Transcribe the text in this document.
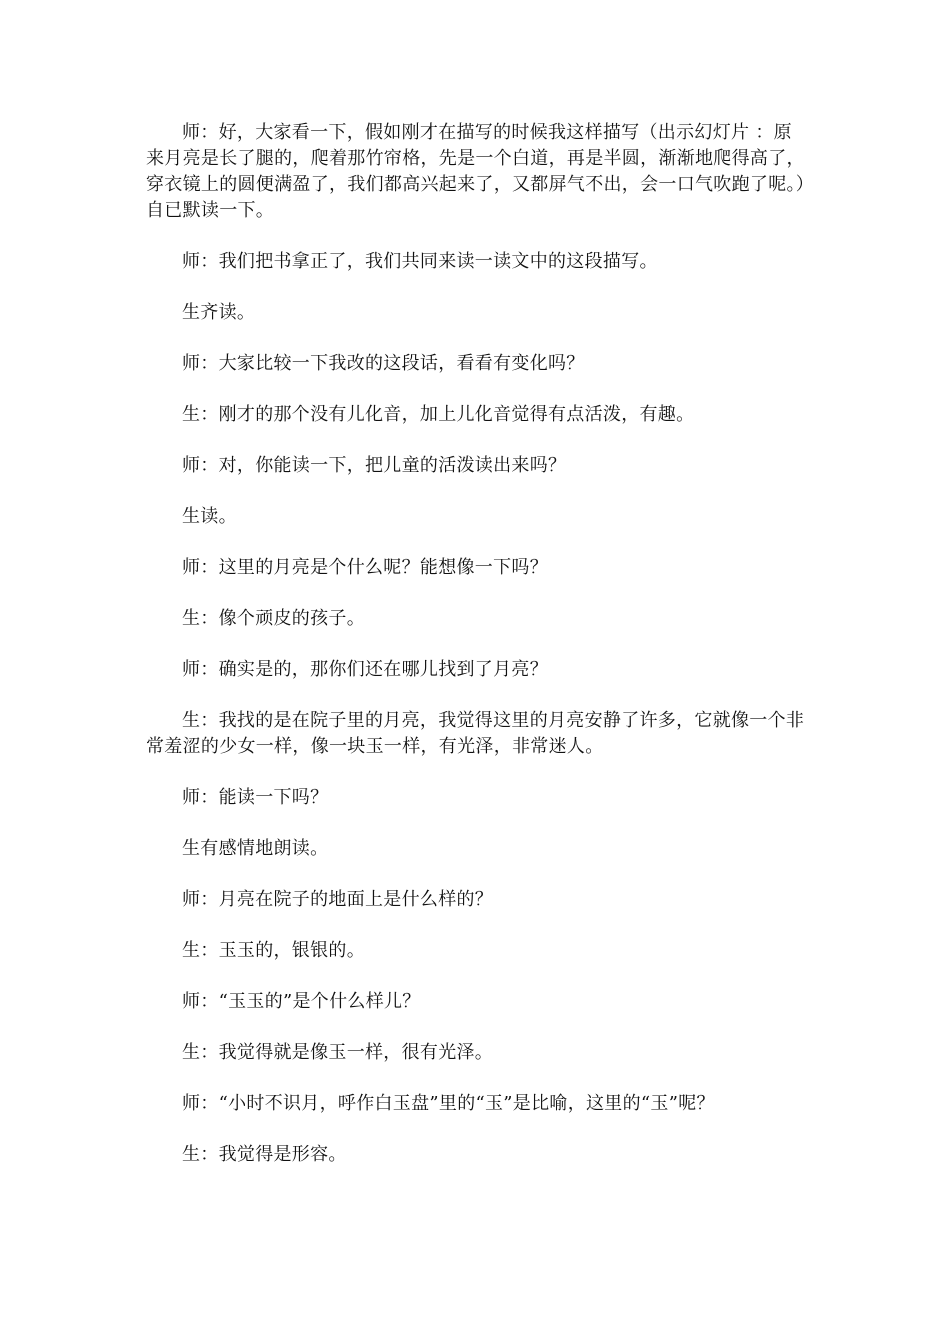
师：好，大家看一下，假如刚才在描写的时候我这样描写（出示幻灯片 ：原来月亮是长了腿的，爬着那竹帘格，先是一个白道，再是半圆，渐渐地爬得高了，穿衣镜上的圆便满盈了，我们都高兴起来了，又都屏气不出，会一口气吹跑了呢。）自已默读一下。

师：我们把书拿正了，我们共同来读一读文中的这段描写。

生齐读。

师：大家比较一下我改的这段话，看看有变化吗？

生：刚才的那个没有儿化音，加上儿化音觉得有点活泼，有趣。

师：对，你能读一下，把儿童的活泼读出来吗？

生读。

师：这里的月亮是个什么呢？能想像一下吗？

生：像个顽皮的孩子。

师：确实是的，那你们还在哪儿找到了月亮？

生：我找的是在院子里的月亮，我觉得这里的月亮安静了许多，它就像一个非常羞涩的少女一样，像一块玉一样，有光泽，非常迷人。

师：能读一下吗？

生有感情地朗读。

师：月亮在院子的地面上是什么样的？

生：玉玉的，银银的。

师：“玉玉的”是个什么样儿？

生：我觉得就是像玉一样，很有光泽。

师：“小时不识月，呼作白玉盘”里的“玉”是比喻，这里的“玉”呢？

生：我觉得是形容。
